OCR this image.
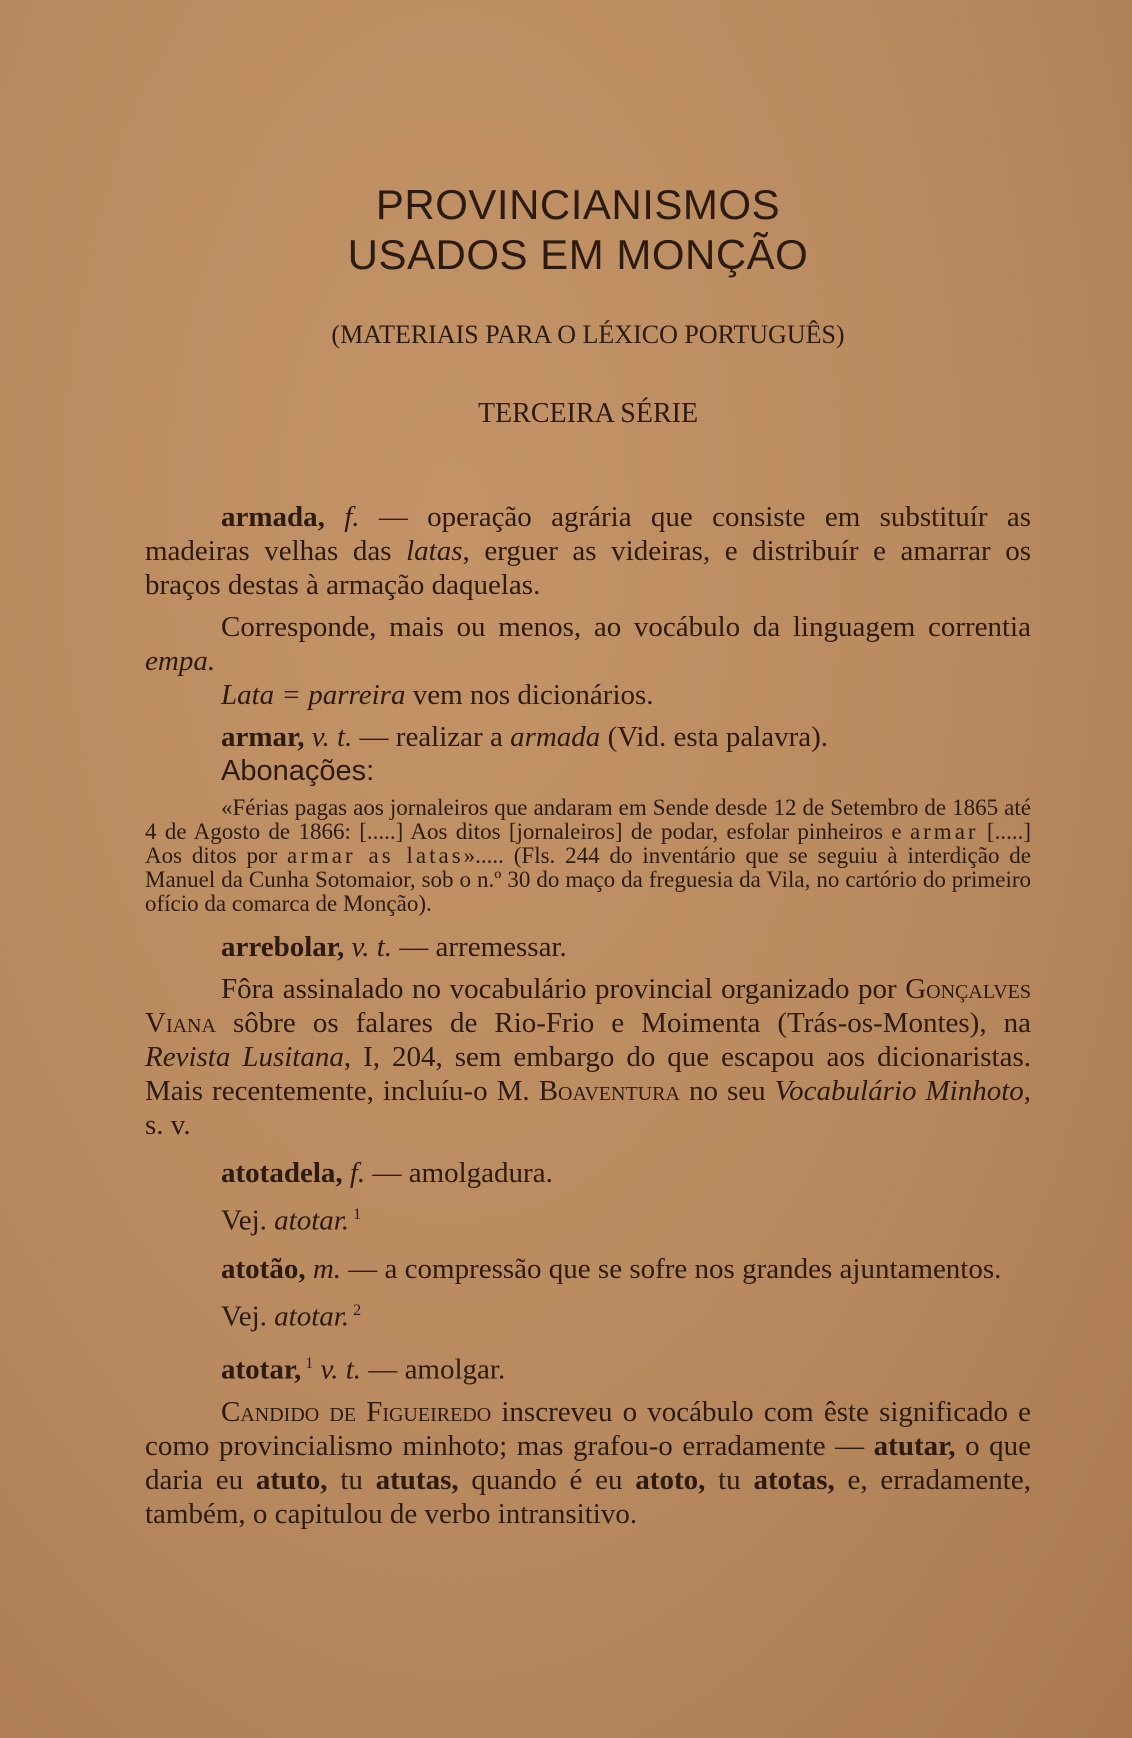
PROVINCIANISMOS
USADOS EM MONÇÃO
(MATERIAIS PARA O LÉXICO PORTUGUÊS)
TERCEIRA SÉRIE

armada, f. — operação agrária que consiste em substituír as madeiras velhas das latas, erguer as videiras, e distribuír e amarrar os braços destas à armação daquelas.

Corresponde, mais ou menos, ao vocábulo da linguagem correntia empa.

Lata = parreira vem nos dicionários.

armar, v. t. — realizar a armada (Vid. esta palavra).

Abonações:

«Férias pagas aos jornaleiros que andaram em Sende desde 12 de Setembro de 1865 até 4 de Agosto de 1866: [.....] Aos ditos [jornaleiros] de podar, esfolar pinheiros e armar [.....] Aos ditos por armar as latas»..... (Fls. 244 do inventário que se seguiu à interdição de Manuel da Cunha Sotomaior, sob o n.º 30 do maço da freguesia da Vila, no cartório do primeiro ofício da comarca de Monção).

arrebolar, v. t. — arremessar.

Fôra assinalado no vocabulário provincial organizado por Gonçalves Viana sôbre os falares de Rio-Frio e Moimenta (Trás-os-Montes), na Revista Lusitana, I, 204, sem embargo do que escapou aos dicionaristas. Mais recentemente, incluíu-o M. Boaventura no seu Vocabulário Minhoto, s. v.

atotadela, f. — amolgadura.

Vej. atotar. $^1$

atotão, m. — a compressão que se sofre nos grandes ajuntamentos.

Vej. atotar. $^2$

atotar, $^1$ v. t. — amolgar.

Candido de Figueiredo inscreveu o vocábulo com êste significado e como provincialismo minhoto; mas grafou-o erradamente — atutar, o que daria eu atuto, tu atutas, quando é eu atoto, tu atotas, e, erradamente, também, o capitulou de verbo intransitivo.
